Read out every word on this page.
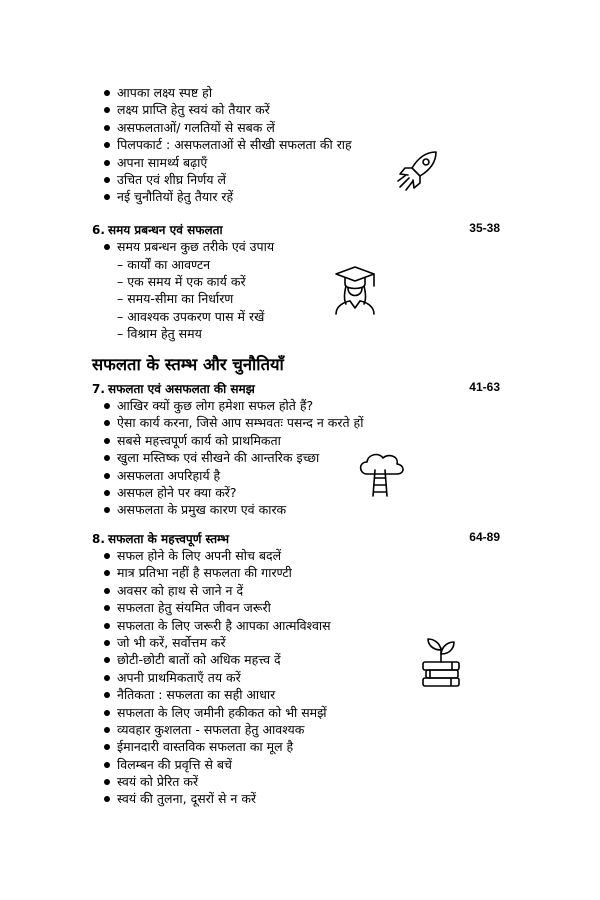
आपका लक्ष्य स्पष्ट हो
लक्ष्य प्राप्ति हेतु स्वयं को तैयार करें
असफलताओं/ गलतियों से सबक लें
पिलपकार्ट : असफलताओं से सीखी सफलता की राह
अपना सामर्थ्य बढ़ाएँ
उचित एवं शीघ्र निर्णय लें
नई चुनौतियों हेतु तैयार रहें
6. समय प्रबन्धन एवं सफलता	35-38
समय प्रबन्धन कुछ तरीके एवं उपाय
– कार्यों का आवण्टन
– एक समय में एक कार्य करें
– समय-सीमा का निर्धारण
– आवश्यक उपकरण पास में रखें
– विश्राम हेतु समय
सफलता के स्तम्भ और चुनौतियाँ
7. सफलता एवं असफलता की समझ	41-63
आखिर क्यों कुछ लोग हमेशा सफल होते हैं?
ऐसा कार्य करना, जिसे आप सम्भवतः पसन्द न करते हों
सबसे महत्त्वपूर्ण कार्य को प्राथमिकता
खुला मस्तिष्क एवं सीखने की आन्तरिक इच्छा
असफलता अपरिहार्य है
असफल होने पर क्या करें?
असफलता के प्रमुख कारण एवं कारक
8. सफलता के महत्त्वपूर्ण स्तम्भ	64-89
सफल होने के लिए अपनी सोच बदलें
मात्र प्रतिभा नहीं है सफलता की गारण्टी
अवसर को हाथ से जाने न दें
सफलता हेतु संयमित जीवन जरूरी
सफलता के लिए जरूरी है आपका आत्मविश्वास
जो भी करें, सर्वोत्तम करें
छोटी-छोटी बातों को अधिक महत्त्व दें
अपनी प्राथमिकताएँ तय करें
नैतिकता : सफलता का सही आधार
सफलता के लिए जमीनी हकीकत को भी समझें
व्यवहार कुशलता - सफलता हेतु आवश्यक
ईमानदारी वास्तविक सफलता का मूल है
विलम्बन की प्रवृत्ति से बचें
स्वयं को प्रेरित करें
स्वयं की तुलना, दूसरों से न करें
